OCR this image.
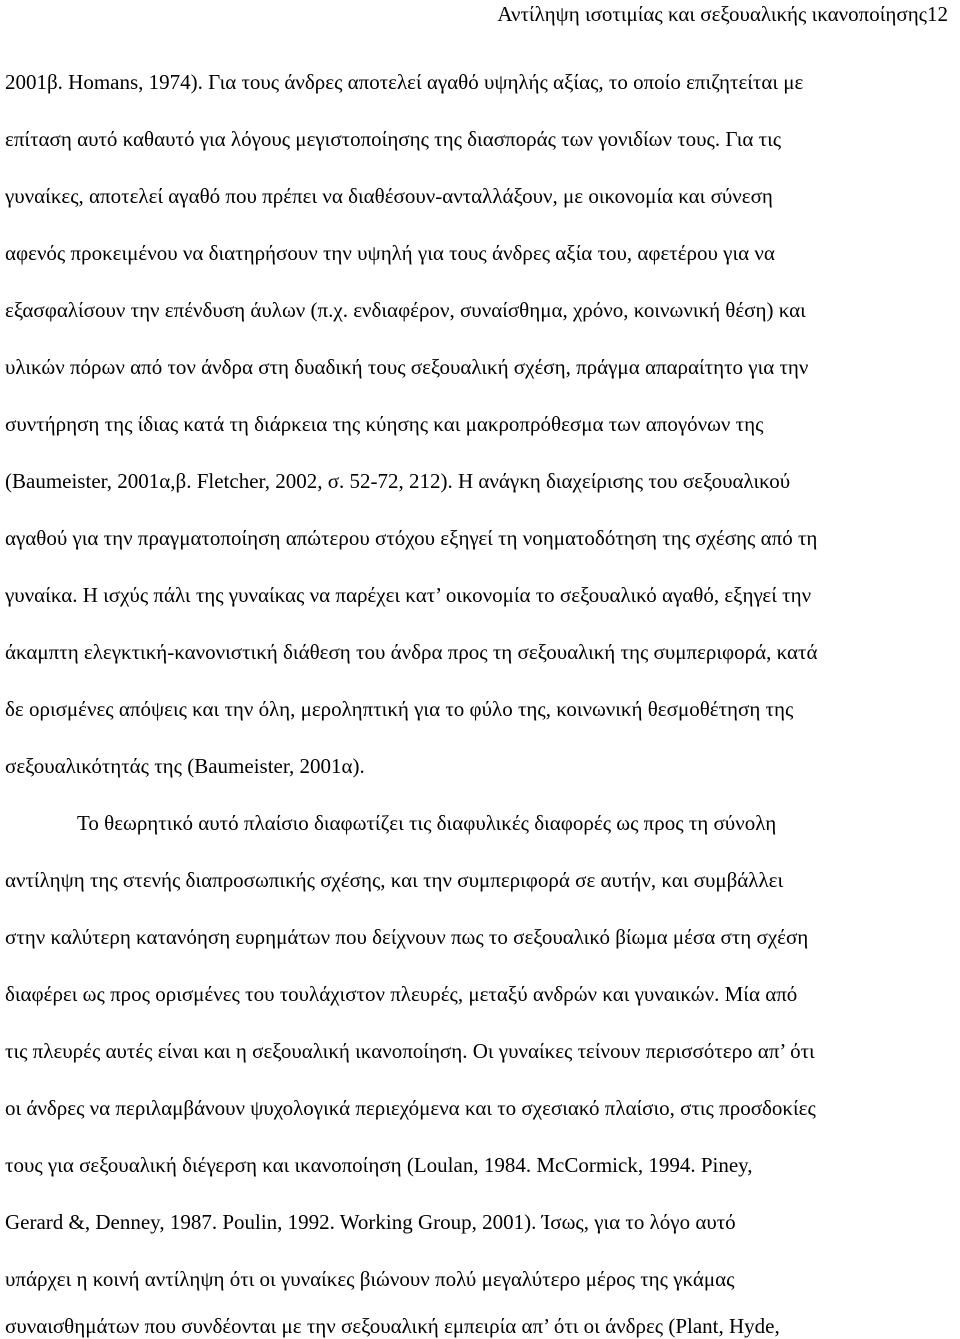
Αντίληψη ισοτιμίας και σεξουαλικής ικανοποίησης12
2001β. Homans, 1974). Για τους άνδρες αποτελεί αγαθό υψηλής αξίας, το οποίο επιζητείται με
επίταση αυτό καθαυτό για λόγους μεγιστοποίησης της διασποράς των γονιδίων τους. Για τις
γυναίκες, αποτελεί αγαθό που πρέπει να διαθέσουν-ανταλλάξουν, με οικονομία και σύνεση
αφενός προκειμένου να διατηρήσουν την υψηλή για τους άνδρες αξία του, αφετέρου για να
εξασφαλίσουν την επένδυση άυλων (π.χ. ενδιαφέρον, συναίσθημα, χρόνο, κοινωνική θέση) και
υλικών πόρων από τον άνδρα στη δυαδική τους σεξουαλική σχέση, πράγμα απαραίτητο για την
συντήρηση της ίδιας κατά τη διάρκεια της κύησης και μακροπρόθεσμα των απογόνων της
(Baumeister, 2001α,β. Fletcher, 2002, σ. 52-72, 212). Η ανάγκη διαχείρισης του σεξουαλικού
αγαθού για την πραγματοποίηση απώτερου στόχου εξηγεί τη νοηματοδότηση της σχέσης από τη
γυναίκα. Η ισχύς πάλι της γυναίκας να παρέχει κατ’ οικονομία το σεξουαλικό αγαθό, εξηγεί την
άκαμπτη ελεγκτική-κανονιστική διάθεση του άνδρα προς τη σεξουαλική της συμπεριφορά, κατά
δε ορισμένες απόψεις και την όλη, μεροληπτική για το φύλο της, κοινωνική θεσμοθέτηση της
σεξουαλικότητάς της (Baumeister, 2001α).
Το θεωρητικό αυτό πλαίσιο διαφωτίζει τις διαφυλικές διαφορές ως προς τη σύνολη
αντίληψη της στενής διαπροσωπικής σχέσης, και την συμπεριφορά σε αυτήν, και συμβάλλει
στην καλύτερη κατανόηση ευρημάτων που δείχνουν πως το σεξουαλικό βίωμα μέσα στη σχέση
διαφέρει ως προς ορισμένες του τουλάχιστον πλευρές, μεταξύ ανδρών και γυναικών. Μία από
τις πλευρές αυτές είναι και η σεξουαλική ικανοποίηση. Οι γυναίκες τείνουν περισσότερο απ’ ότι
οι άνδρες να περιλαμβάνουν ψυχολογικά περιεχόμενα και το σχεσιακό πλαίσιο, στις προσδοκίες
τους για σεξουαλική διέγερση και ικανοποίηση (Loulan, 1984. McCormick, 1994. Piney,
Gerard &, Denney, 1987. Poulin, 1992. Working Group, 2001). Ίσως, για το λόγο αυτό
υπάρχει η κοινή αντίληψη ότι οι γυναίκες βιώνουν πολύ μεγαλύτερο μέρος της γκάμας
συναισθημάτων που συνδέονται με την σεξουαλική εμπειρία απ’ ότι οι άνδρες (Plant, Hyde,
